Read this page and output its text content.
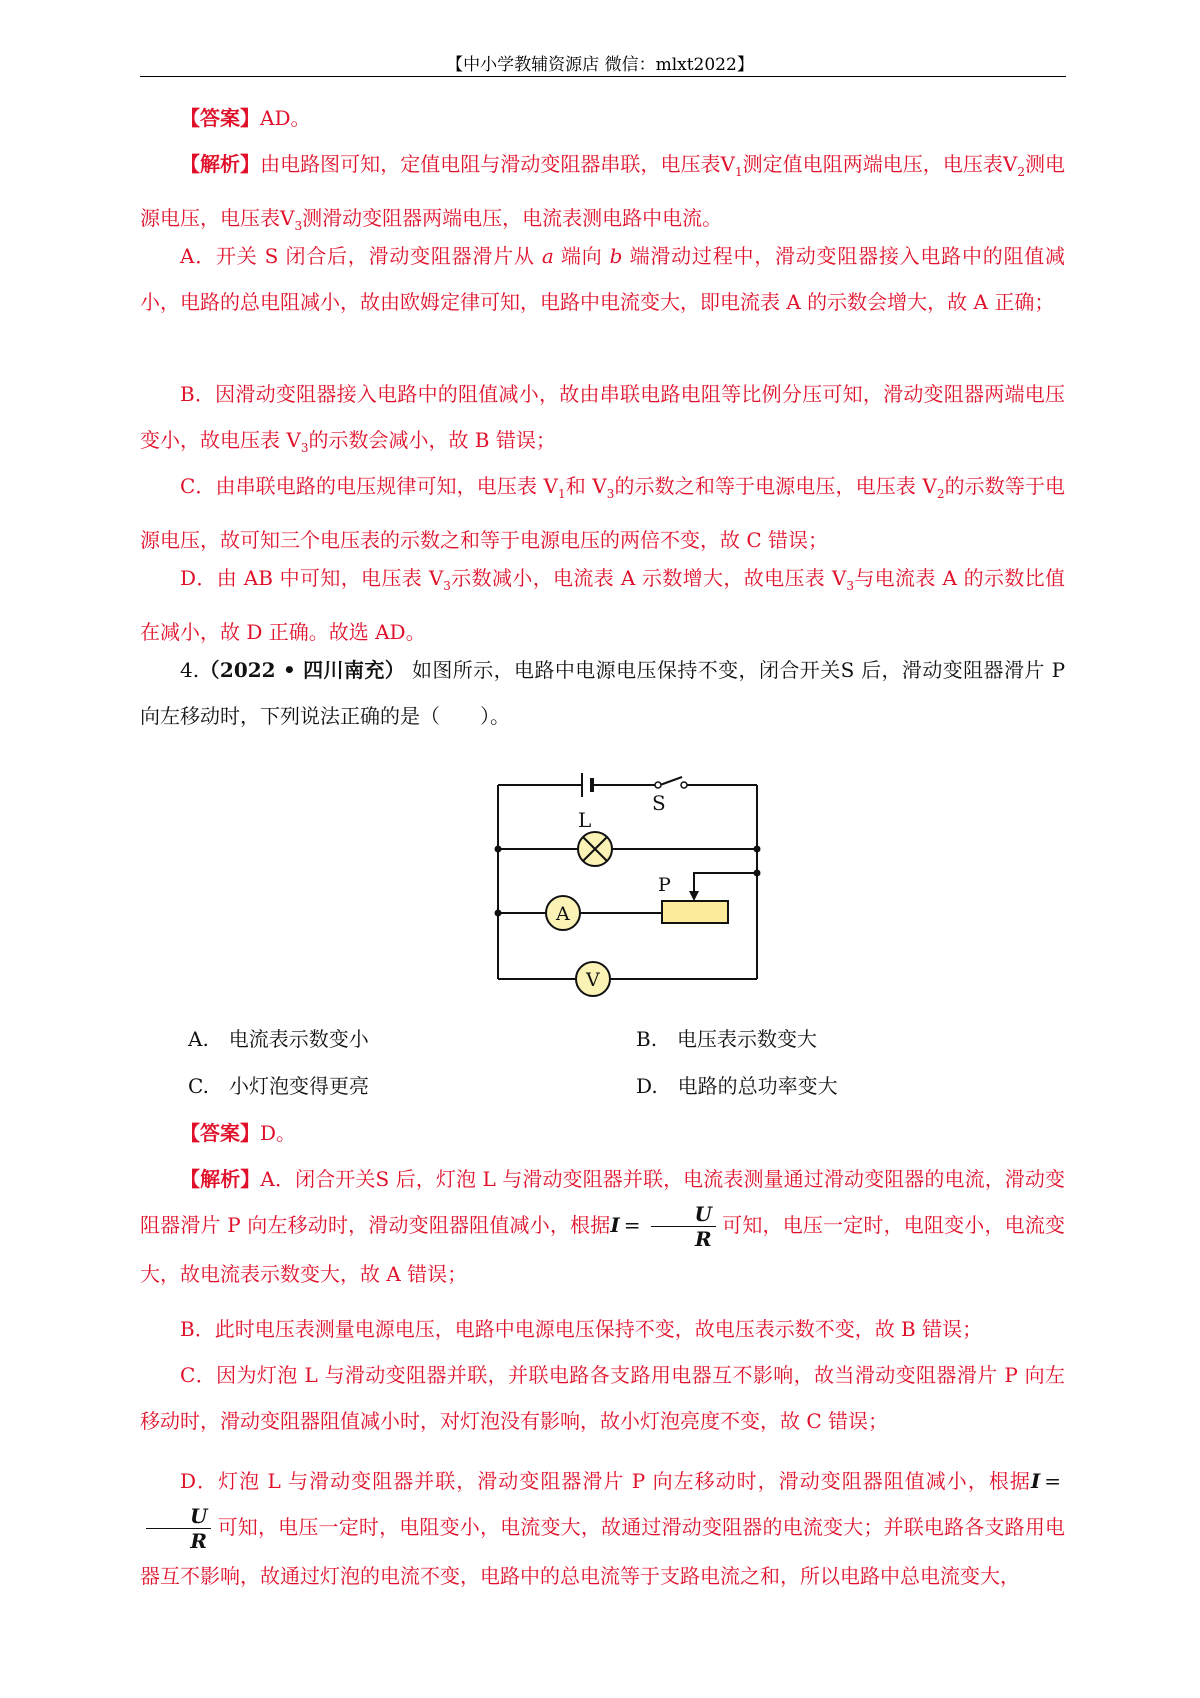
【中小学教辅资源店 微信：mlxt2022】
【答案】AD。
【解析】由电路图可知，定值电阻与滑动变阻器串联，电压表$V_1$测定值电阻两端电压，电压表$V_2$测电源电压，电压表$V_3$测滑动变阻器两端电压，电流表测电路中电流。
A．开关 S 闭合后，滑动变阻器滑片从 a 端向 b 端滑动过程中，滑动变阻器接入电路中的阻值减小，电路的总电阻减小，故由欧姆定律可知，电路中电流变大，即电流表 A 的示数会增大，故 A 正确；
B．因滑动变阻器接入电路中的阻值减小，故由串联电路电阻等比例分压可知，滑动变阻器两端电压变小，故电压表 $V_3$的示数会减小，故 B 错误；
C．由串联电路的电压规律可知，电压表 $V_1$和 $V_3$的示数之和等于电源电压，电压表 $V_2$的示数等于电源电压，故可知三个电压表的示数之和等于电源电压的两倍不变，故 C 错误；
D．由 AB 中可知，电压表 $V_3$示数减小，电流表 A 示数增大，故电压表 $V_3$与电流表 A 的示数比值在减小，故 D 正确。故选 AD。
4.（2022 • 四川南充） 如图所示，电路中电源电压保持不变，闭合开关S 后，滑动变阻器滑片 P 向左移动时，下列说法正确的是（　　）。
S
L
P
A
V
A.　电流表示数变小	B.　电压表示数变大
C.　小灯泡变得更亮	D.　电路的总功率变大
【答案】D。
【解析】A．闭合开关S 后，灯泡 L 与滑动变阻器并联，电流表测量通过滑动变阻器的电流，滑动变阻器滑片 P 向左移动时，滑动变阻器阻值减小，根据$I = \frac{U}{R}$ 可知，电压一定时，电阻变小，电流变大，故电流表示数变大，故 A 错误；
B．此时电压表测量电源电压，电路中电源电压保持不变，故电压表示数不变，故 B 错误；
C．因为灯泡 L 与滑动变阻器并联，并联电路各支路用电器互不影响，故当滑动变阻器滑片 P 向左移动时，滑动变阻器阻值减小时，对灯泡没有影响，故小灯泡亮度不变，故 C 错误；
D．灯泡 L 与滑动变阻器并联，滑动变阻器滑片 P 向左移动时，滑动变阻器阻值减小，根据I =
$\frac{U}{R}$ 可知，电压一定时，电阻变小，电流变大，故通过滑动变阻器的电流变大；并联电路各支路用电器互不影响，故通过灯泡的电流不变，电路中的总电流等于支路电流之和，所以电路中总电流变大，
